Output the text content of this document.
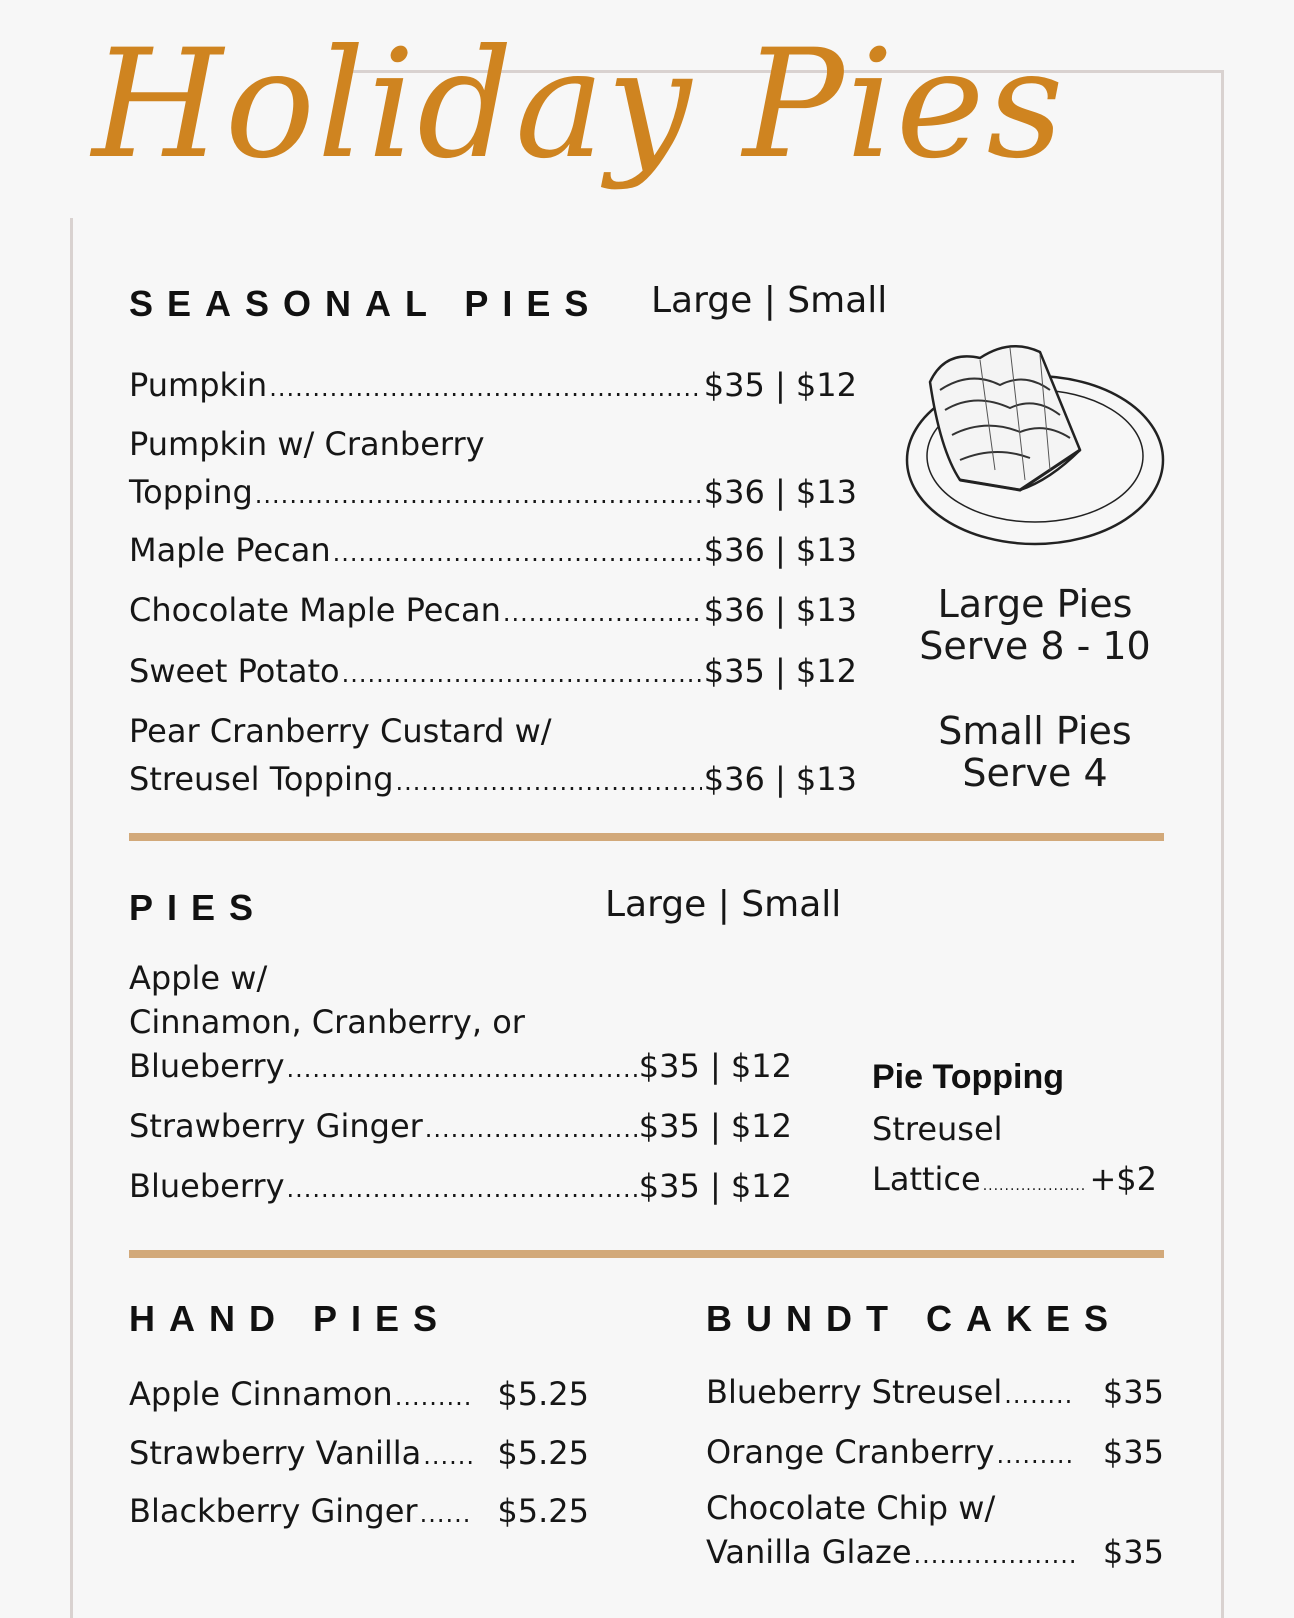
Holiday Pies
SEASONAL PIES Large | Small
Pumpkin .....	$35 | $12
Pumpkin w/ Cranberry
Topping .....	$36 | $13
Maple Pecan .....	$36 | $13
Chocolate Maple Pecan .....	$36 | $13
Sweet Potato .....	$35 | $12
Pear Cranberry Custard w/
Streusel Topping .....	$36 | $13
Large Pies
Serve 8 - 10
Small Pies
Serve 4
PIES	Large | Small
Apple w/
Cinnamon, Cranberry, or
Blueberry .....	$35 | $12
Strawberry Ginger .....	$35 | $12
Blueberry .....	$35 | $12
Pie Topping
Streusel
Lattice .....	+$2
HAND PIES
Apple Cinnamon .....	$5.25
Strawberry Vanilla ..... $5.25
Blackberry Ginger ..... $5.25
BUNDT CAKES
Blueberry Streusel .....	$35
Orange Cranberry .....	$35
Chocolate Chip w/
Vanilla Glaze .....	$35
